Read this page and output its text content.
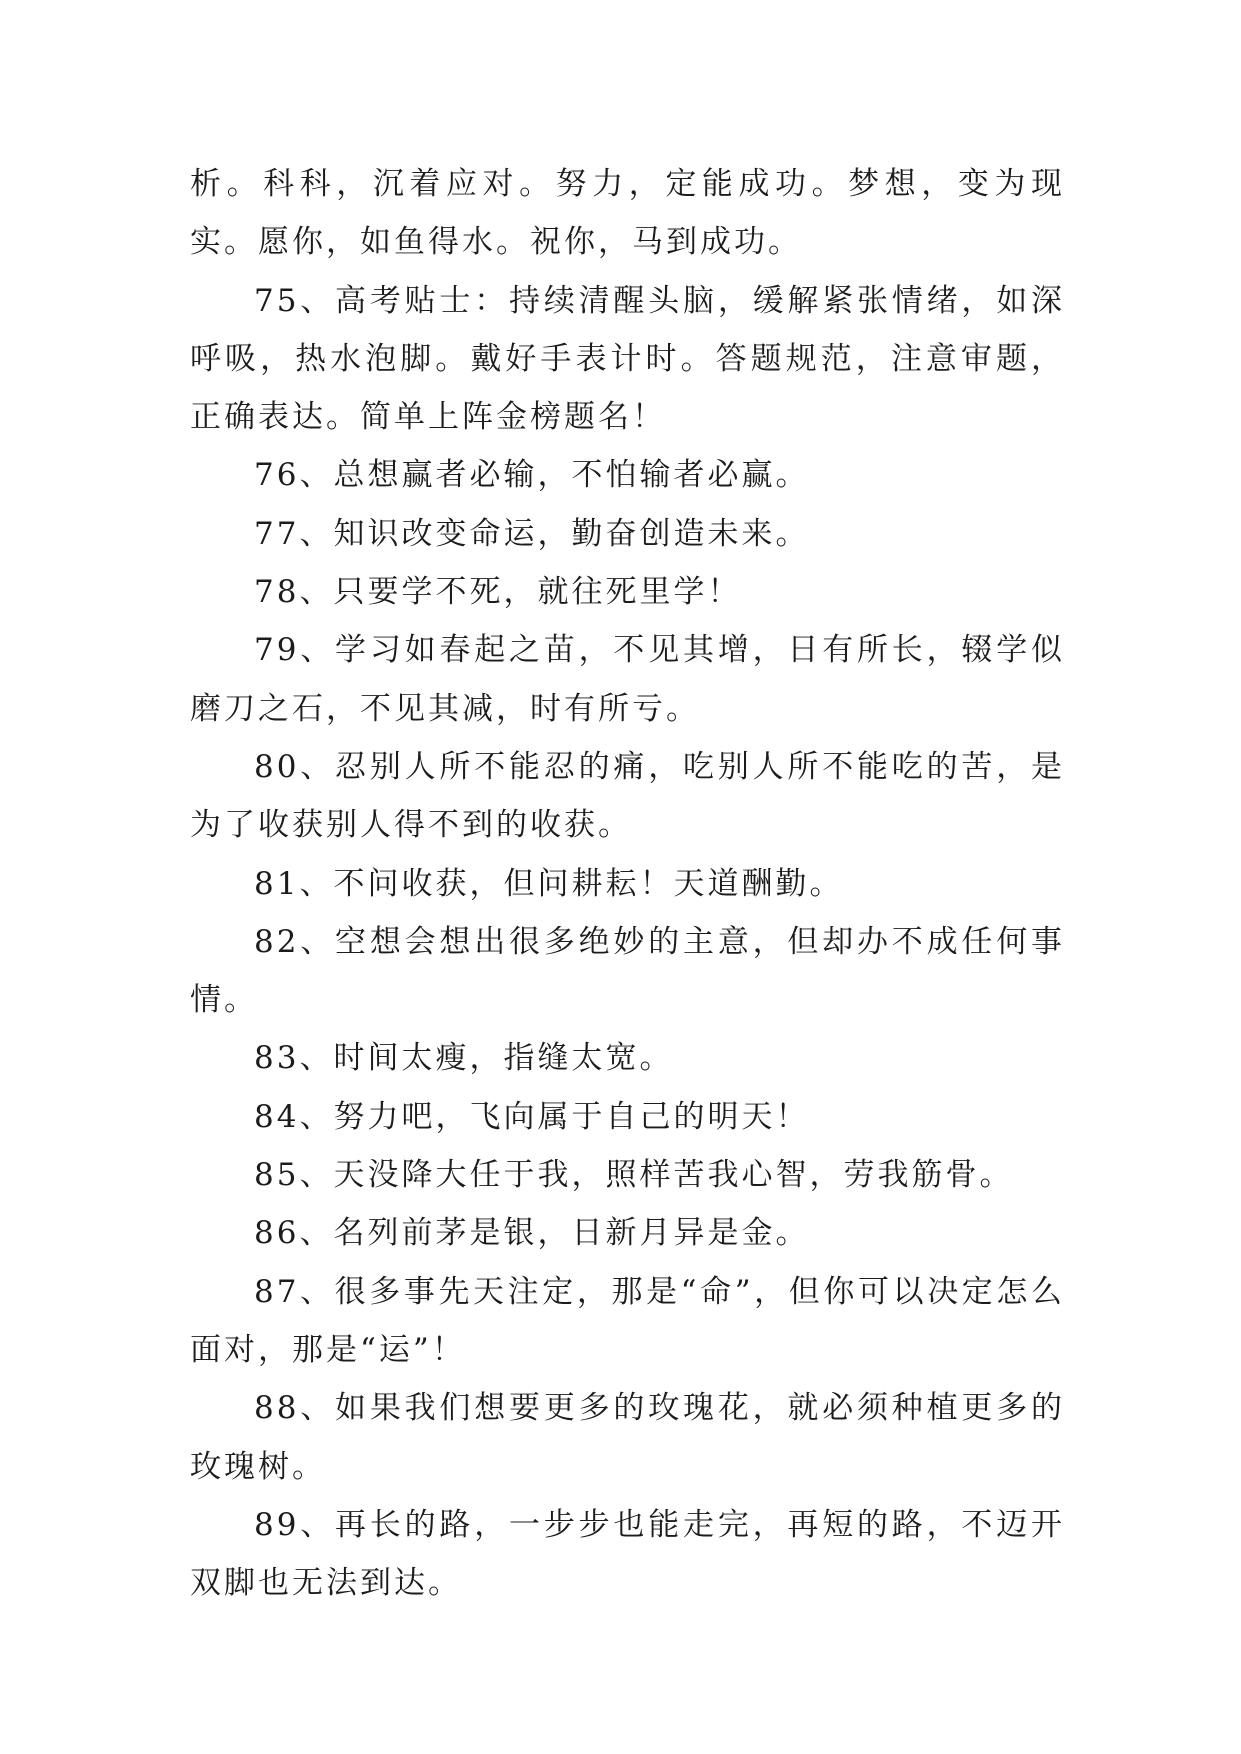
析。科科，沉着应对。努力，定能成功。梦想，变为现实。愿你，如鱼得水。祝你，马到成功。

75、高考贴士：持续清醒头脑，缓解紧张情绪，如深呼吸，热水泡脚。戴好手表计时。答题规范，注意审题，正确表达。简单上阵金榜题名！

76、总想赢者必输，不怕输者必赢。

77、知识改变命运，勤奋创造未来。

78、只要学不死，就往死里学！

79、学习如春起之苗，不见其增，日有所长，辍学似磨刀之石，不见其减，时有所亏。

80、忍别人所不能忍的痛，吃别人所不能吃的苦，是为了收获别人得不到的收获。

81、不问收获，但问耕耘！天道酬勤。

82、空想会想出很多绝妙的主意，但却办不成任何事情。

83、时间太瘦，指缝太宽。

84、努力吧，飞向属于自己的明天！

85、天没降大任于我，照样苦我心智，劳我筋骨。

86、名列前茅是银，日新月异是金。

87、很多事先天注定，那是“命”，但你可以决定怎么面对，那是“运”！

88、如果我们想要更多的玫瑰花，就必须种植更多的玫瑰树。

89、再长的路，一步步也能走完，再短的路，不迈开双脚也无法到达。
